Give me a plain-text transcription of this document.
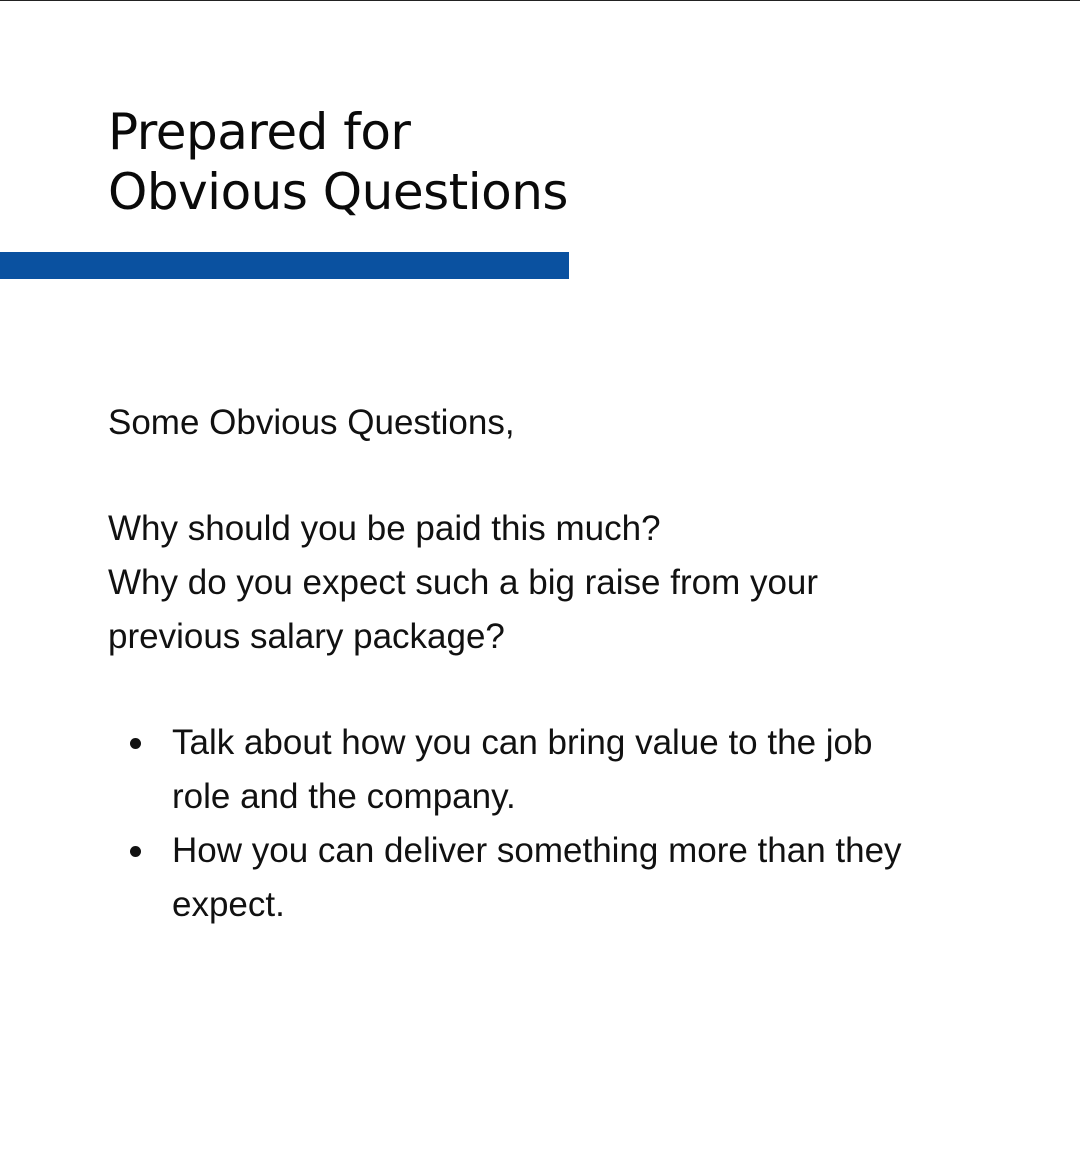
Prepared for
Obvious Questions

Some Obvious Questions,

Why should you be paid this much?

Why do you expect such a big raise from your previous salary package?

Talk about how you can bring value to the job role and the company.
How you can deliver something more than they expect.
